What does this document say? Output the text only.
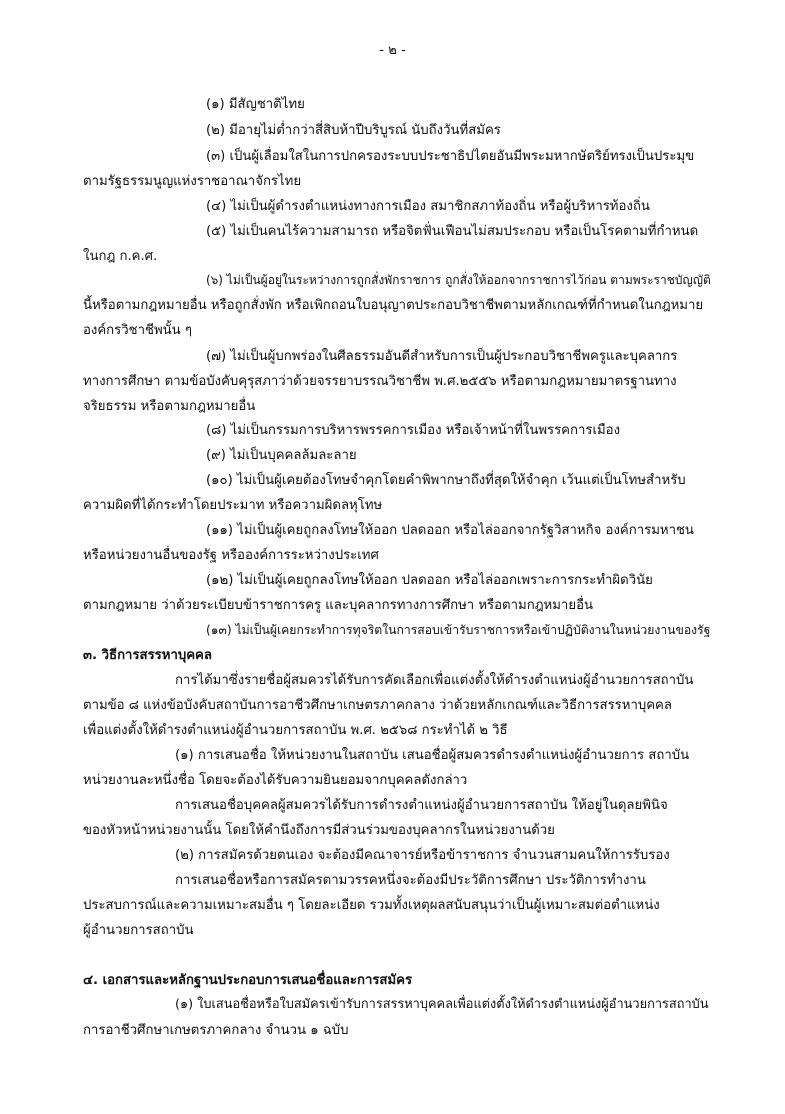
- ๒ -

(๑) มีสัญชาติไทย

(๒) มีอายุไม่ต่ำกว่าสี่สิบห้าปีบริบูรณ์ นับถึงวันที่สมัคร

(๓) เป็นผู้เลื่อมใสในการปกครองระบบประชาธิปไตยอันมีพระมหากษัตริย์ทรงเป็นประมุข

ตามรัฐธรรมนูญแห่งราชอาณาจักรไทย

(๔) ไม่เป็นผู้ดำรงตำแหน่งทางการเมือง สมาชิกสภาท้องถิ่น หรือผู้บริหารท้องถิ่น

(๕) ไม่เป็นคนไร้ความสามารถ หรือจิตฟั่นเฟือนไม่สมประกอบ หรือเป็นโรคตามที่กำหนด

ในกฎ ก.ค.ศ.

(๖) ไม่เป็นผู้อยู่ในระหว่างการถูกสั่งพักราชการ ถูกสั่งให้ออกจากราชการไว้ก่อน ตามพระราชบัญญัติ

นี้หรือตามกฎหมายอื่น หรือถูกสั่งพัก หรือเพิกถอนใบอนุญาตประกอบวิชาชีพตามหลักเกณฑ์ที่กำหนดในกฎหมาย

องค์กรวิชาชีพนั้น ๆ

(๗) ไม่เป็นผู้บกพร่องในศีลธรรมอันดีสำหรับการเป็นผู้ประกอบวิชาชีพครูและบุคลากร

ทางการศึกษา ตามข้อบังคับคุรุสภาว่าด้วยจรรยาบรรณวิชาชีพ พ.ศ.๒๕๕๖ หรือตามกฎหมายมาตรฐานทาง

จริยธรรม หรือตามกฎหมายอื่น

(๘) ไม่เป็นกรรมการบริหารพรรคการเมือง หรือเจ้าหน้าที่ในพรรคการเมือง

(๙) ไม่เป็นบุคคลล้มละลาย

(๑๐) ไม่เป็นผู้เคยต้องโทษจำคุกโดยคำพิพากษาถึงที่สุดให้จำคุก เว้นแต่เป็นโทษสำหรับ

ความผิดที่ได้กระทำโดยประมาท หรือความผิดลหุโทษ

(๑๑) ไม่เป็นผู้เคยถูกลงโทษให้ออก ปลดออก หรือไล่ออกจากรัฐวิสาหกิจ องค์การมหาชน

หรือหน่วยงานอื่นของรัฐ หรือองค์การระหว่างประเทศ

(๑๒) ไม่เป็นผู้เคยถูกลงโทษให้ออก ปลดออก หรือไล่ออกเพราะการกระทำผิดวินัย

ตามกฎหมาย ว่าด้วยระเบียบข้าราชการครู และบุคลากรทางการศึกษา หรือตามกฎหมายอื่น

(๑๓) ไม่เป็นผู้เคยกระทำการทุจริตในการสอบเข้ารับราชการหรือเข้าปฏิบัติงานในหน่วยงานของรัฐ

๓. วิธีการสรรหาบุคคล

การได้มาซึ่งรายชื่อผู้สมควรได้รับการคัดเลือกเพื่อแต่งตั้งให้ดำรงตำแหน่งผู้อำนวยการสถาบัน

ตามข้อ ๘ แห่งข้อบังคับสถาบันการอาชีวศึกษาเกษตรภาคกลาง ว่าด้วยหลักเกณฑ์และวิธีการสรรหาบุคคล

เพื่อแต่งตั้งให้ดำรงตำแหน่งผู้อำนวยการสถาบัน พ.ศ. ๒๕๖๘ กระทำได้ ๒ วิธี

(๑) การเสนอชื่อ ให้หน่วยงานในสถาบัน เสนอชื่อผู้สมควรดำรงตำแหน่งผู้อำนวยการ สถาบัน

หน่วยงานละหนึ่งชื่อ โดยจะต้องได้รับความยินยอมจากบุคคลดังกล่าว

การเสนอชื่อบุคคลผู้สมควรได้รับการดำรงตำแหน่งผู้อำนวยการสถาบัน ให้อยู่ในดุลยพินิจ

ของหัวหน้าหน่วยงานนั้น โดยให้คำนึงถึงการมีส่วนร่วมของบุคลากรในหน่วยงานด้วย

(๒) การสมัครด้วยตนเอง จะต้องมีคณาจารย์หรือข้าราชการ จำนวนสามคนให้การรับรอง

การเสนอชื่อหรือการสมัครตามวรรคหนึ่งจะต้องมีประวัติการศึกษา ประวัติการทำงาน

ประสบการณ์และความเหมาะสมอื่น ๆ โดยละเอียด รวมทั้งเหตุผลสนับสนุนว่าเป็นผู้เหมาะสมต่อตำแหน่ง

ผู้อำนวยการสถาบัน

๔. เอกสารและหลักฐานประกอบการเสนอชื่อและการสมัคร

(๑) ใบเสนอชื่อหรือใบสมัครเข้ารับการสรรหาบุคคลเพื่อแต่งตั้งให้ดำรงตำแหน่งผู้อำนวยการสถาบัน

การอาชีวศึกษาเกษตรภาคกลาง จำนวน ๑ ฉบับ
